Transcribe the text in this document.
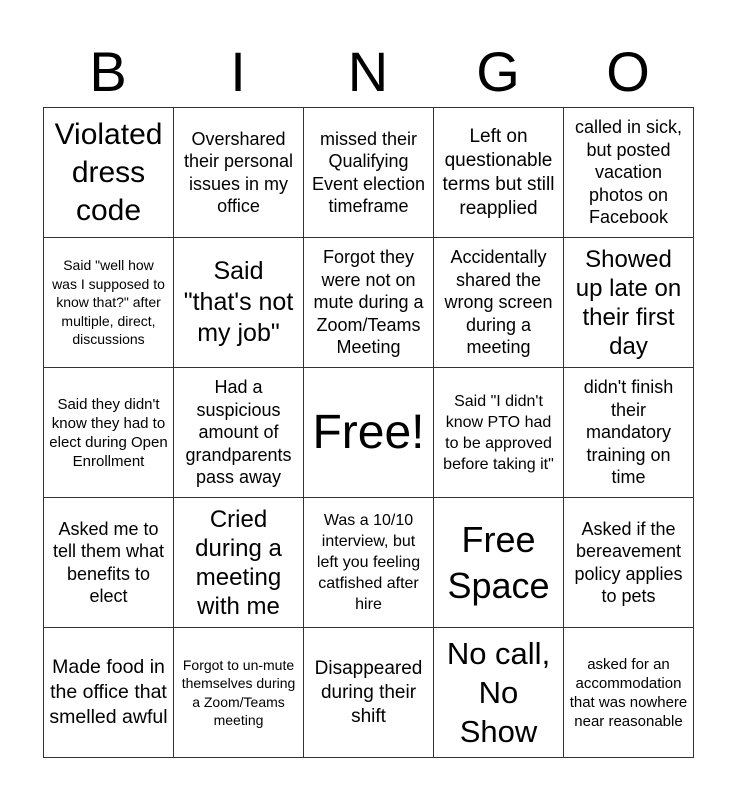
B	I	N	G	O
Violated dress code
Overshared their personal issues in my office
missed their Qualifying Event election timeframe
Left on questionable terms but still reapplied
called in sick, but posted vacation photos on Facebook
Said "well how was I supposed to know that?" after multiple, direct, discussions
Said "that's not my job"
Forgot they were not on mute during a Zoom/Teams Meeting
Accidentally shared the wrong screen during a meeting
Showed up late on their first day
Said they didn't know they had to elect during Open Enrollment
Had a suspicious amount of grandparents pass away
Free!
Said "I didn't know PTO had to be approved before taking it"
didn't finish their mandatory training on time
Asked me to tell them what benefits to elect
Cried during a meeting with me
Was a 10/10 interview, but left you feeling catfished after hire
Free Space
Asked if the bereavement policy applies to pets
Made food in the office that smelled awful
Forgot to un-mute themselves during a Zoom/Teams meeting
Disappeared during their shift
No call, No Show
asked for an accommodation that was nowhere near reasonable
